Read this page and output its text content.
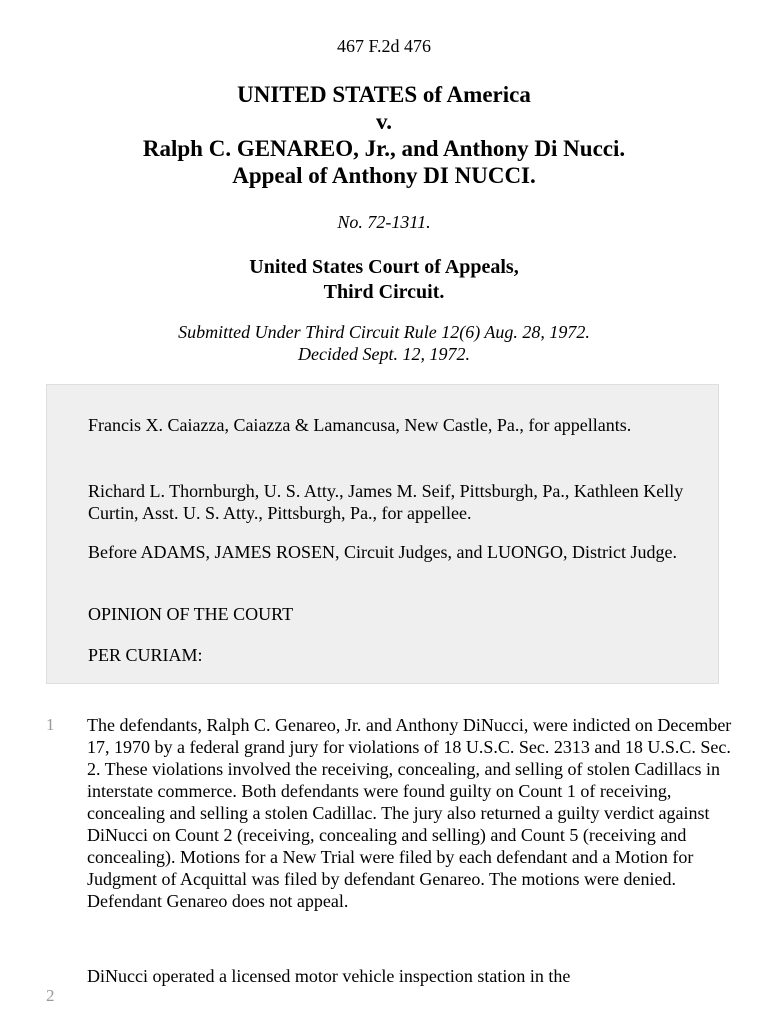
467 F.2d 476
UNITED STATES of America
v.
Ralph C. GENAREO, Jr., and Anthony Di Nucci.
Appeal of Anthony DI NUCCI.
No. 72-1311.
United States Court of Appeals,
Third Circuit.
Submitted Under Third Circuit Rule 12(6) Aug. 28, 1972.
Decided Sept. 12, 1972.

Francis X. Caiazza, Caiazza & Lamancusa, New Castle, Pa., for appellants.

Richard L. Thornburgh, U. S. Atty., James M. Seif, Pittsburgh, Pa., Kathleen Kelly Curtin, Asst. U. S. Atty., Pittsburgh, Pa., for appellee.

Before ADAMS, JAMES ROSEN, Circuit Judges, and LUONGO, District Judge.

OPINION OF THE COURT

PER CURIAM:

1 The defendants, Ralph C. Genareo, Jr. and Anthony DiNucci, were indicted on December 17, 1970 by a federal grand jury for violations of 18 U.S.C. Sec. 2313 and 18 U.S.C. Sec. 2. These violations involved the receiving, concealing, and selling of stolen Cadillacs in interstate commerce. Both defendants were found guilty on Count 1 of receiving, concealing and selling a stolen Cadillac. The jury also returned a guilty verdict against DiNucci on Count 2 (receiving, concealing and selling) and Count 5 (receiving and concealing). Motions for a New Trial were filed by each defendant and a Motion for Judgment of Acquittal was filed by defendant Genareo. The motions were denied. Defendant Genareo does not appeal.

2

DiNucci operated a licensed motor vehicle inspection station in the
